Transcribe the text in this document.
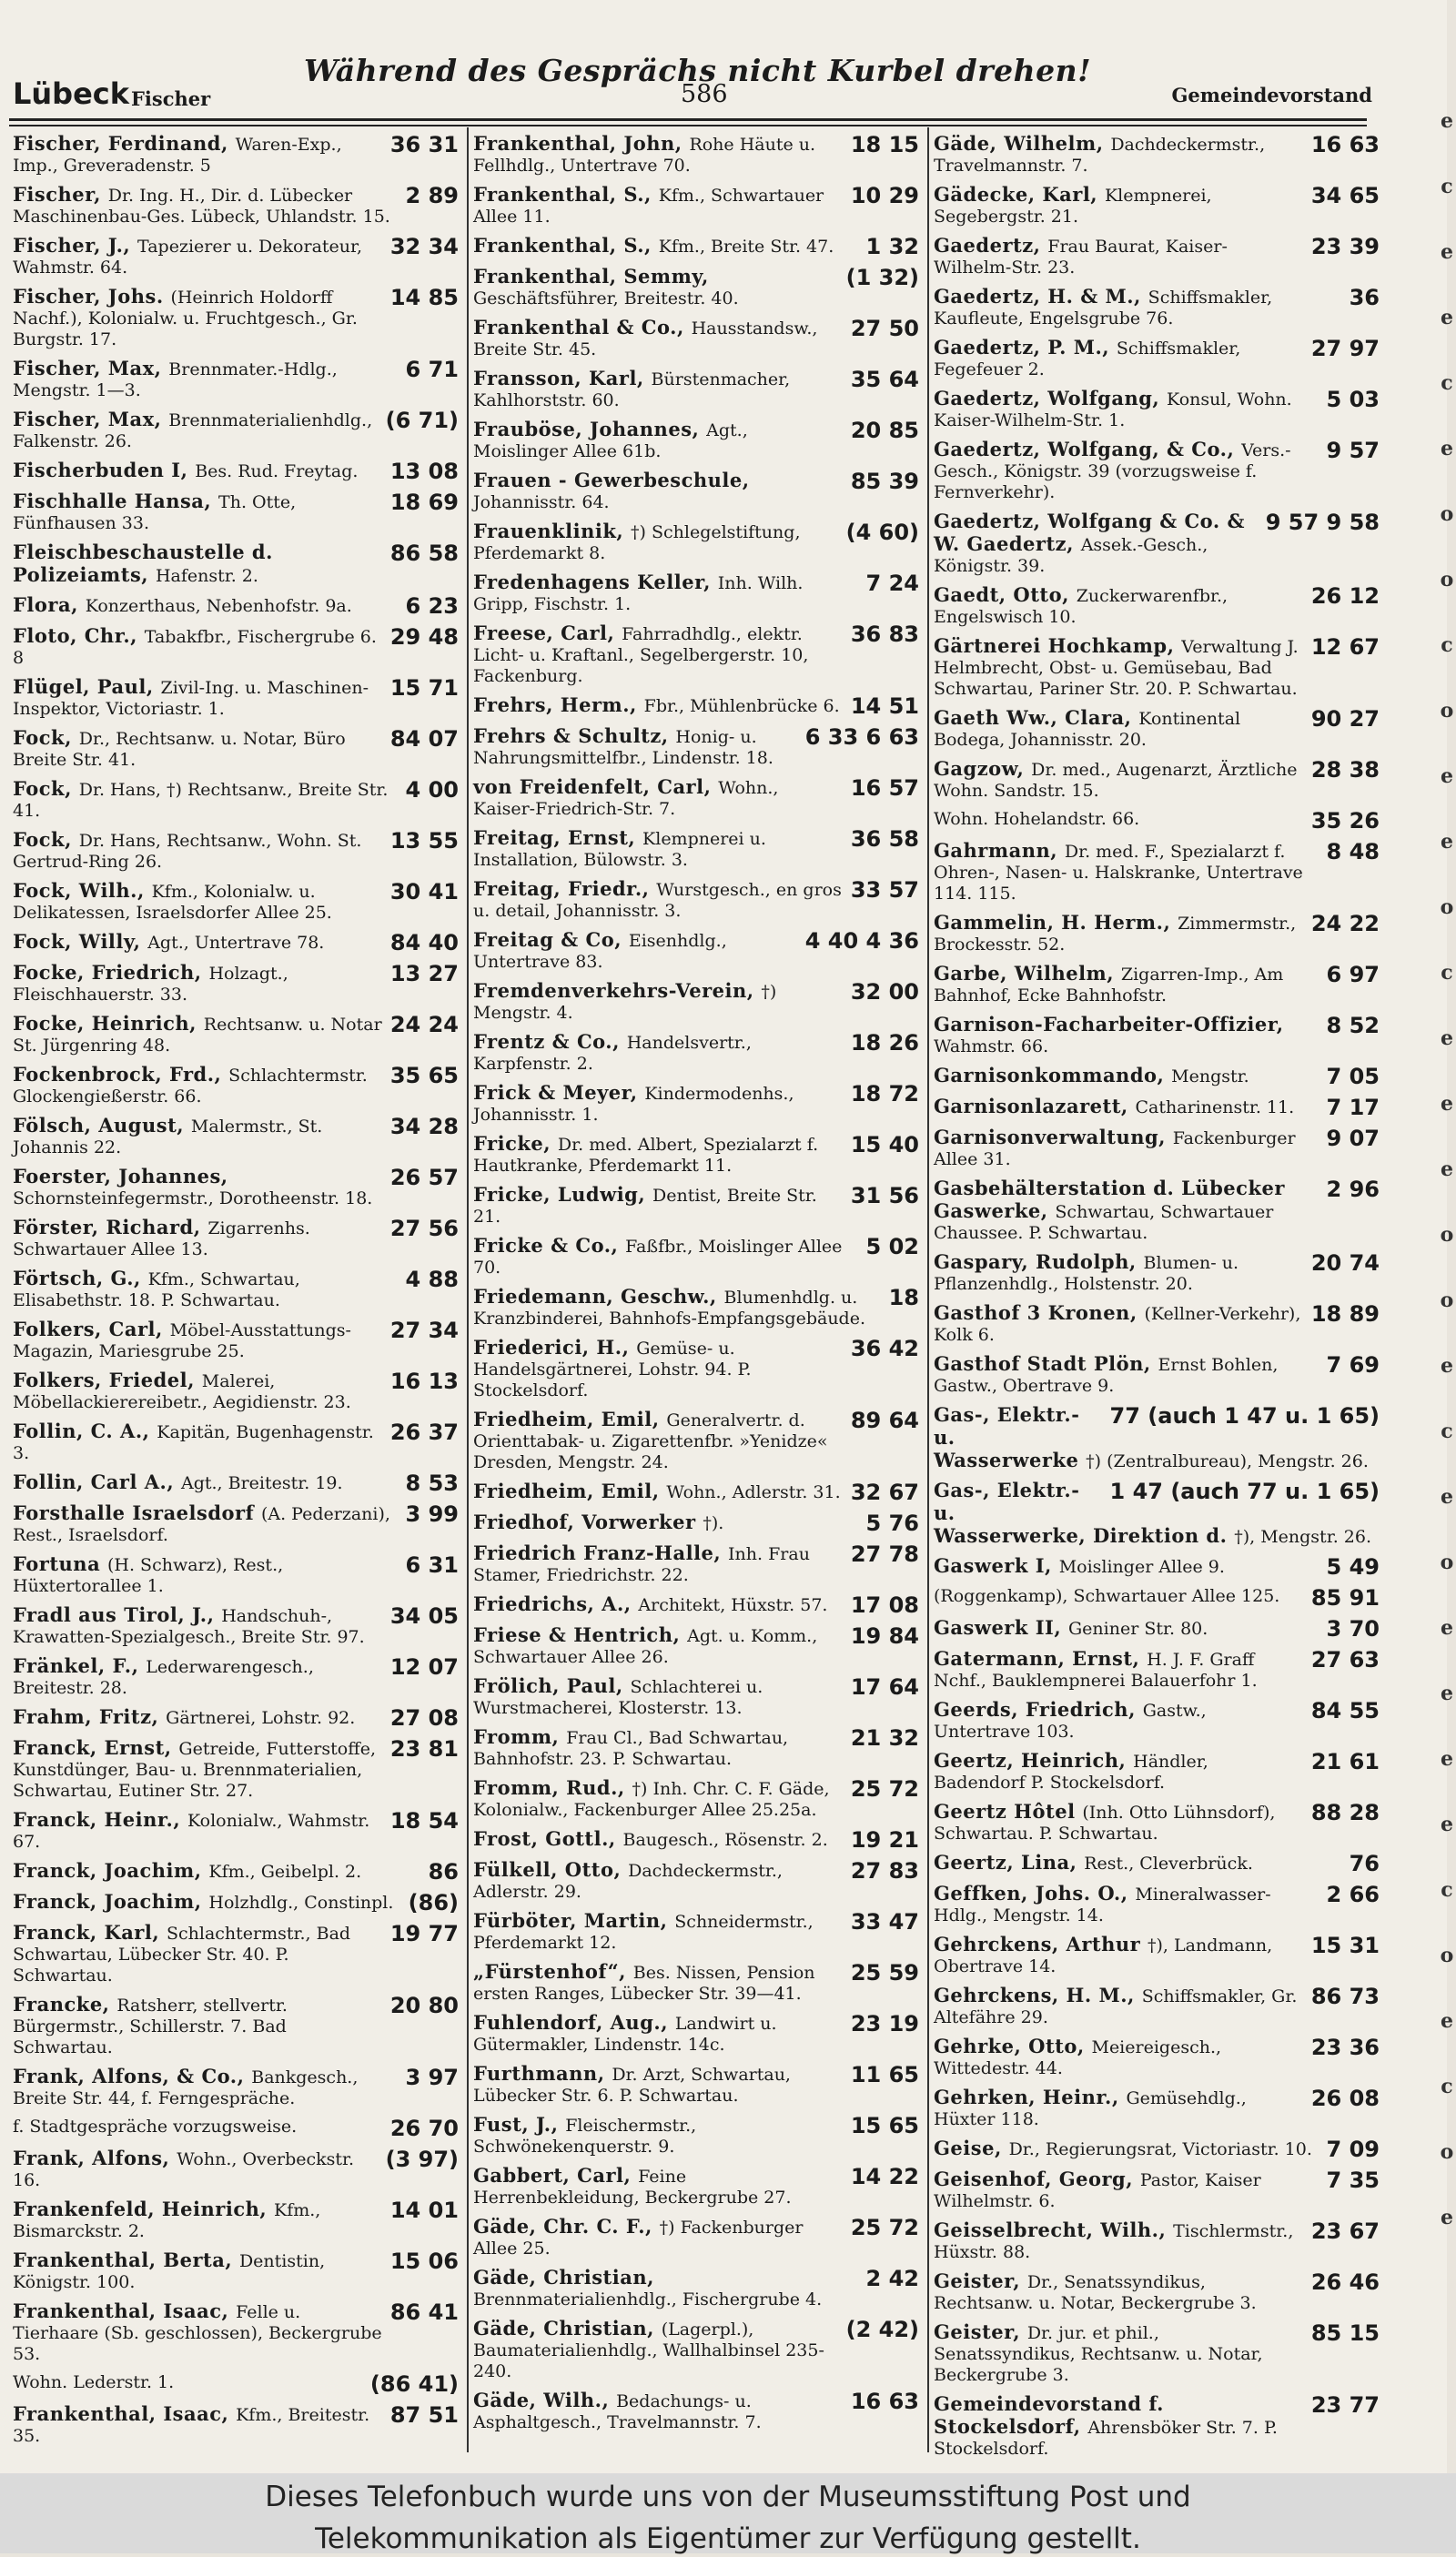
Lübeck Fischer
Während des Gesprächs nicht Kurbel drehen!
586	Gemeindevorstand
36 31
Fischer, Ferdinand, Waren-Exp., Imp., Greveradenstr. 5
2 89
Fischer, Dr. Ing. H., Dir. d. Lübecker Maschinenbau-Ges. Lübeck, Uhlandstr. 15.
32 34
Fischer, J., Tapezierer u. Dekorateur, Wahmstr. 64.
14 85
Fischer, Johs. (Heinrich Holdorff Nachf.), Kolonialw. u. Fruchtgesch., Gr. Burgstr. 17.
6 71
Fischer, Max, Brennmater.-Hdlg., Mengstr. 1—3.
(6 71)
Fischer, Max, Brennmaterialienhdlg., Falkenstr. 26.
13 08
Fischerbuden I, Bes. Rud. Freytag.
18 69
Fischhalle Hansa, Th. Otte, Fünfhausen 33.
86 58
Fleischbeschaustelle d. Polizeiamts, Hafenstr. 2.
6 23
Flora, Konzerthaus, Nebenhofstr. 9a.
29 48
Floto, Chr., Tabakfbr., Fischergrube 6. 8
15 71
Flügel, Paul, Zivil-Ing. u. Maschinen-Inspektor, Victoriastr. 1.
84 07
Fock, Dr., Rechtsanw. u. Notar, Büro Breite Str. 41.
4 00
Fock, Dr. Hans, †) Rechtsanw., Breite Str. 41.
13 55
Fock, Dr. Hans, Rechtsanw., Wohn. St. Gertrud-Ring 26.
30 41
Fock, Wilh., Kfm., Kolonialw. u. Delikatessen, Israelsdorfer Allee 25.
84 40
Fock, Willy, Agt., Untertrave 78.
13 27
Focke, Friedrich, Holzagt., Fleischhauerstr. 33.
24 24
Focke, Heinrich, Rechtsanw. u. Notar St. Jürgenring 48.
35 65
Fockenbrock, Frd., Schlachtermstr. Glockengießerstr. 66.
34 28
Fölsch, August, Malermstr., St. Johannis 22.
26 57
Foerster, Johannes, Schornsteinfegermstr., Dorotheenstr. 18.
27 56
Förster, Richard, Zigarrenhs. Schwartauer Allee 13.
4 88
Förtsch, G., Kfm., Schwartau, Elisabethstr. 18. P. Schwartau.
27 34
Folkers, Carl, Möbel-Ausstattungs-Magazin, Mariesgrube 25.
16 13
Folkers, Friedel, Malerei, Möbellackierereibetr., Aegidienstr. 23.
26 37
Follin, C. A., Kapitän, Bugenhagenstr. 3.
8 53
Follin, Carl A., Agt., Breitestr. 19.
3 99
Forsthalle Israelsdorf (A. Pederzani), Rest., Israelsdorf.
6 31
Fortuna (H. Schwarz), Rest., Hüxtertorallee 1.
34 05
Fradl aus Tirol, J., Handschuh-, Krawatten-Spezialgesch., Breite Str. 97.
12 07
Fränkel, F., Lederwarengesch., Breitestr. 28.
27 08
Frahm, Fritz, Gärtnerei, Lohstr. 92.
23 81
Franck, Ernst, Getreide, Futterstoffe, Kunstdünger, Bau- u. Brennmaterialien, Schwartau, Eutiner Str. 27.
18 54
Franck, Heinr., Kolonialw., Wahmstr. 67.
86
Franck, Joachim, Kfm., Geibelpl. 2.
(86)
Franck, Joachim, Holzhdlg., Constinpl.
19 77
Franck, Karl, Schlachtermstr., Bad Schwartau, Lübecker Str. 40. P. Schwartau.
20 80
Francke, Ratsherr, stellvertr. Bürgermstr., Schillerstr. 7. Bad Schwartau.
3 97
Frank, Alfons, & Co., Bankgesch., Breite Str. 44, f. Ferngespräche.
26 70
f. Stadtgespräche vorzugsweise.
(3 97)
Frank, Alfons, Wohn., Overbeckstr. 16.
14 01
Frankenfeld, Heinrich, Kfm., Bismarckstr. 2.
15 06
Frankenthal, Berta, Dentistin, Königstr. 100.
86 41
Frankenthal, Isaac, Felle u. Tierhaare (Sb. geschlossen), Beckergrube 53.
(86 41)
Wohn. Lederstr. 1.
87 51
Frankenthal, Isaac, Kfm., Breitestr. 35.
18 15
Frankenthal, John, Rohe Häute u. Fellhdlg., Untertrave 70.
10 29
Frankenthal, S., Kfm., Schwartauer Allee 11.
1 32
Frankenthal, S., Kfm., Breite Str. 47.
(1 32)
Frankenthal, Semmy, Geschäftsführer, Breitestr. 40.
27 50
Frankenthal & Co., Hausstandsw., Breite Str. 45.
35 64
Fransson, Karl, Bürstenmacher, Kahlhorststr. 60.
20 85
Frauböse, Johannes, Agt., Moislinger Allee 61b.
85 39
Frauen - Gewerbeschule, Johannisstr. 64.
(4 60)
Frauenklinik, †) Schlegelstiftung, Pferdemarkt 8.
7 24
Fredenhagens Keller, Inh. Wilh. Gripp, Fischstr. 1.
36 83
Freese, Carl, Fahrradhdlg., elektr. Licht- u. Kraftanl., Segelbergerstr. 10, Fackenburg.
14 51
Frehrs, Herm., Fbr., Mühlenbrücke 6.
6 33 6 63
Frehrs & Schultz, Honig- u. Nahrungsmittelfbr., Lindenstr. 18.
16 57
von Freidenfelt, Carl, Wohn., Kaiser-Friedrich-Str. 7.
36 58
Freitag, Ernst, Klempnerei u. Installation, Bülowstr. 3.
33 57
Freitag, Friedr., Wurstgesch., en gros u. detail, Johannisstr. 3.
4 40 4 36
Freitag & Co, Eisenhdlg., Untertrave 83.
32 00
Fremdenverkehrs-Verein, †) Mengstr. 4.
18 26
Frentz & Co., Handelsvertr., Karpfenstr. 2.
18 72
Frick & Meyer, Kindermodenhs., Johannisstr. 1.
15 40
Fricke, Dr. med. Albert, Spezialarzt f. Hautkranke, Pferdemarkt 11.
31 56
Fricke, Ludwig, Dentist, Breite Str. 21.
5 02
Fricke & Co., Faßfbr., Moislinger Allee 70.
18
Friedemann, Geschw., Blumenhdlg. u. Kranzbinderei, Bahnhofs-Empfangsgebäude.
36 42
Friederici, H., Gemüse- u. Handelsgärtnerei, Lohstr. 94. P. Stockelsdorf.
89 64
Friedheim, Emil, Generalvertr. d. Orienttabak- u. Zigarettenfbr. »Yenidze« Dresden, Mengstr. 24.
32 67
Friedheim, Emil, Wohn., Adlerstr. 31.
5 76
Friedhof, Vorwerker †).
27 78
Friedrich Franz-Halle, Inh. Frau Stamer, Friedrichstr. 22.
17 08
Friedrichs, A., Architekt, Hüxstr. 57.
19 84
Friese & Hentrich, Agt. u. Komm., Schwartauer Allee 26.
17 64
Frölich, Paul, Schlachterei u. Wurstmacherei, Klosterstr. 13.
21 32
Fromm, Frau Cl., Bad Schwartau, Bahnhofstr. 23. P. Schwartau.
25 72
Fromm, Rud., †) Inh. Chr. C. F. Gäde, Kolonialw., Fackenburger Allee 25.25a.
19 21
Frost, Gottl., Baugesch., Rösenstr. 2.
27 83
Fülkell, Otto, Dachdeckermstr., Adlerstr. 29.
33 47
Fürböter, Martin, Schneidermstr., Pferdemarkt 12.
25 59
„Fürstenhof“, Bes. Nissen, Pension ersten Ranges, Lübecker Str. 39—41.
23 19
Fuhlendorf, Aug., Landwirt u. Gütermakler, Lindenstr. 14c.
11 65
Furthmann, Dr. Arzt, Schwartau, Lübecker Str. 6. P. Schwartau.
15 65
Fust, J., Fleischermstr., Schwönekenquerstr. 9.
14 22
Gabbert, Carl, Feine Herrenbekleidung, Beckergrube 27.
25 72
Gäde, Chr. C. F., †) Fackenburger Allee 25.
2 42
Gäde, Christian, Brennmaterialienhdlg., Fischergrube 4.
(2 42)
Gäde, Christian, (Lagerpl.), Baumaterialienhdlg., Wallhalbinsel 235-240.
16 63
Gäde, Wilh., Bedachungs- u. Asphaltgesch., Travelmannstr. 7.
16 63
Gäde, Wilhelm, Dachdeckermstr., Travelmannstr. 7.
34 65
Gädecke, Karl, Klempnerei, Segebergstr. 21.
23 39
Gaedertz, Frau Baurat, Kaiser-Wilhelm-Str. 23.
36
Gaedertz, H. & M., Schiffsmakler, Kaufleute, Engelsgrube 76.
27 97
Gaedertz, P. M., Schiffsmakler, Fegefeuer 2.
5 03
Gaedertz, Wolfgang, Konsul, Wohn. Kaiser-Wilhelm-Str. 1.
9 57
Gaedertz, Wolfgang, & Co., Vers.-Gesch., Königstr. 39 (vorzugsweise f. Fernverkehr).
9 57 9 58
Gaedertz, Wolfgang & Co. & W. Gaedertz, Assek.-Gesch., Königstr. 39.
26 12
Gaedt, Otto, Zuckerwarenfbr., Engelswisch 10.
12 67
Gärtnerei Hochkamp, Verwaltung J. Helmbrecht, Obst- u. Gemüsebau, Bad Schwartau, Pariner Str. 20. P. Schwartau.
90 27
Gaeth Ww., Clara, Kontinental Bodega, Johannisstr. 20.
28 38
Gagzow, Dr. med., Augenarzt, Ärztliche Wohn. Sandstr. 15.
35 26
Wohn. Hohelandstr. 66.
8 48
Gahrmann, Dr. med. F., Spezialarzt f. Ohren-, Nasen- u. Halskranke, Untertrave 114. 115.
24 22
Gammelin, H. Herm., Zimmermstr., Brockesstr. 52.
6 97
Garbe, Wilhelm, Zigarren-Imp., Am Bahnhof, Ecke Bahnhofstr.
8 52
Garnison-Facharbeiter-Offizier, Wahmstr. 66.
7 05
Garnisonkommando, Mengstr.
7 17
Garnisonlazarett, Catharinenstr. 11.
9 07
Garnisonverwaltung, Fackenburger Allee 31.
2 96
Gasbehälterstation d. Lübecker Gaswerke, Schwartau, Schwartauer Chaussee. P. Schwartau.
20 74
Gaspary, Rudolph, Blumen- u. Pflanzenhdlg., Holstenstr. 20.
18 89
Gasthof 3 Kronen, (Kellner-Verkehr), Kolk 6.
7 69
Gasthof Stadt Plön, Ernst Bohlen, Gastw., Obertrave 9.
77 (auch 1 47 u. 1 65)
Gas-, Elektr.- u. Wasserwerke †) (Zentralbureau), Mengstr. 26.
1 47 (auch 77 u. 1 65)
Gas-, Elektr.- u. Wasserwerke, Direktion d. †), Mengstr. 26.
5 49
Gaswerk I, Moislinger Allee 9.
85 91
(Roggenkamp), Schwartauer Allee 125.
3 70
Gaswerk II, Geniner Str. 80.
27 63
Gatermann, Ernst, H. J. F. Graff Nchf., Bauklempnerei Balauerfohr 1.
84 55
Geerds, Friedrich, Gastw., Untertrave 103.
21 61
Geertz, Heinrich, Händler, Badendorf P. Stockelsdorf.
88 28
Geertz Hôtel (Inh. Otto Lühnsdorf), Schwartau. P. Schwartau.
76
Geertz, Lina, Rest., Cleverbrück.
2 66
Geffken, Johs. O., Mineralwasser-Hdlg., Mengstr. 14.
15 31
Gehrckens, Arthur †), Landmann, Obertrave 14.
86 73
Gehrckens, H. M., Schiffsmakler, Gr. Altefähre 29.
23 36
Gehrke, Otto, Meiereigesch., Wittedestr. 44.
26 08
Gehrken, Heinr., Gemüsehdlg., Hüxter 118.
7 09
Geise, Dr., Regierungsrat, Victoriastr. 10.
7 35
Geisenhof, Georg, Pastor, Kaiser Wilhelmstr. 6.
23 67
Geisselbrecht, Wilh., Tischlermstr., Hüxstr. 88.
26 46
Geister, Dr., Senatssyndikus, Rechtsanw. u. Notar, Beckergrube 3.
85 15
Geister, Dr. jur. et phil., Senatssyndikus, Rechtsanw. u. Notar, Beckergrube 3.
23 77
Gemeindevorstand f. Stockelsdorf, Ahrensböker Str. 7. P. Stockelsdorf.
e
c
e
e
c
e
o
o
c
o
e
e
o
c
e
e
e
o
o
e
c
e
o
e
e
e
e
c
o
e
c
o
e
Dieses Telefonbuch wurde uns von der Museumsstiftung Post und
Telekommunikation als Eigentümer zur Verfügung gestellt.
